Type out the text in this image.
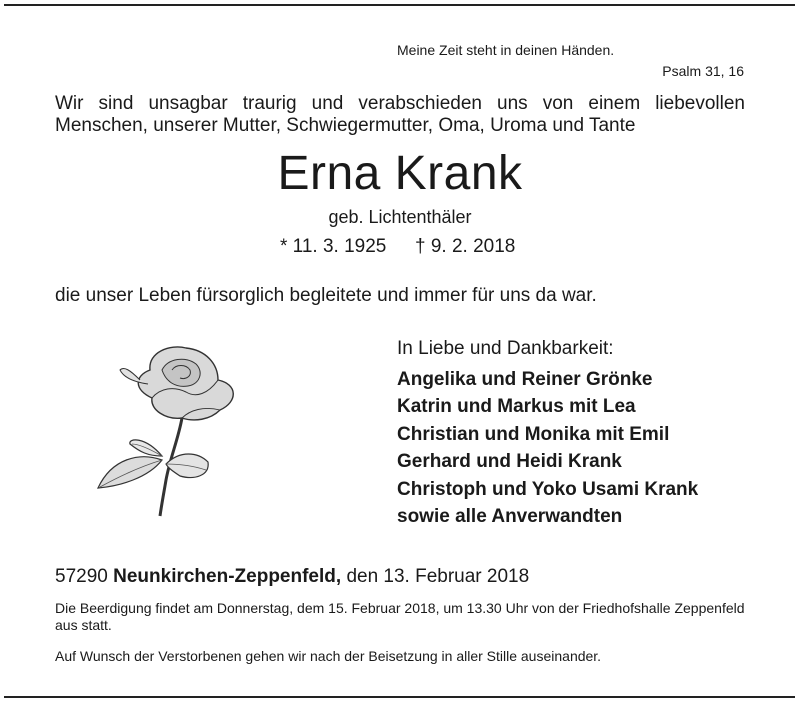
Meine Zeit steht in deinen Händen.
Psalm 31, 16
Wir sind unsagbar traurig und verabschieden uns von einem liebevollen Menschen, unserer Mutter, Schwiegermutter, Oma, Uroma und Tante
Erna Krank
geb. Lichtenthäler
* 11. 3. 1925 † 9. 2. 2018
die unser Leben fürsorglich begleitete und immer für uns da war.
In Liebe und Dankbarkeit:
Angelika und Reiner Grönke
Katrin und Markus mit Lea
Christian und Monika mit Emil
Gerhard und Heidi Krank
Christoph und Yoko Usami Krank
sowie alle Anverwandten
57290 Neunkirchen-Zeppenfeld, den 13. Februar 2018
Die Beerdigung findet am Donnerstag, dem 15. Februar 2018, um 13.30 Uhr von der Friedhofshalle Zeppenfeld aus statt.
Auf Wunsch der Verstorbenen gehen wir nach der Beisetzung in aller Stille auseinander.
